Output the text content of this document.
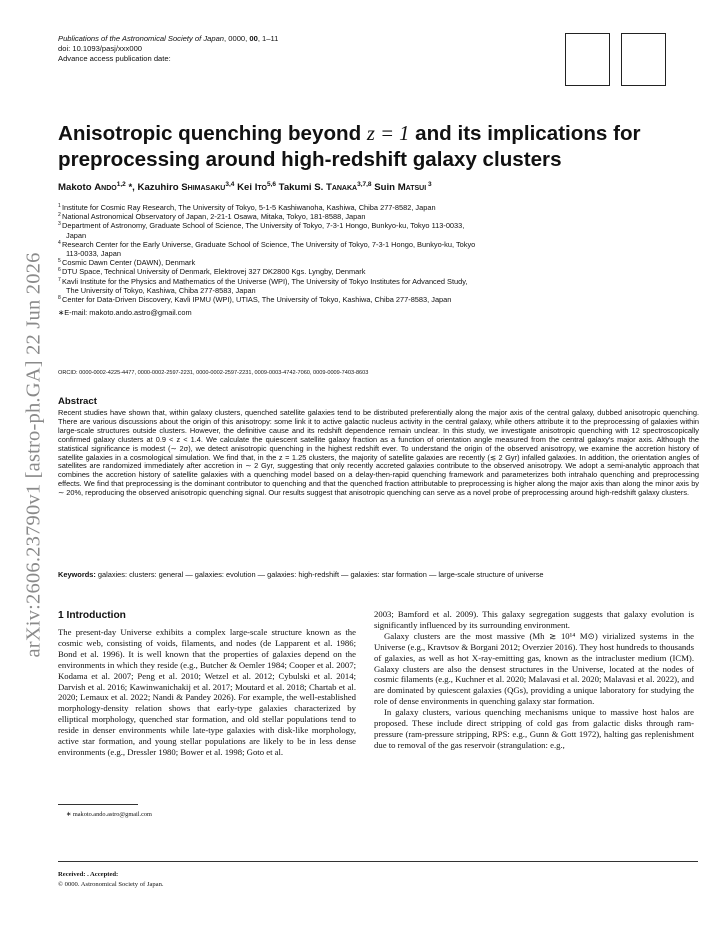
Publications of the Astronomical Society of Japan, 0000, 00, 1–11
doi: 10.1093/pasj/xxx000
Advance access publication date:
arXiv:2606.23790v1 [astro-ph.GA] 22 Jun 2026
Anisotropic quenching beyond z = 1 and its implications for preprocessing around high-redshift galaxy clusters
Makoto Ando$^{1,2}$ *, Kazuhiro Shimasaku$^{3,4}$ Kei Ito$^{5,6}$ Takumi S. Tanaka$^{3,7,8}$ Suin Matsui $^3$
1 Institute for Cosmic Ray Research, The University of Tokyo, 5-1-5 Kashiwanoha, Kashiwa, Chiba 277-8582, Japan
2 National Astronomical Observatory of Japan, 2-21-1 Osawa, Mitaka, Tokyo, 181-8588, Japan
3 Department of Astronomy, Graduate School of Science, The University of Tokyo, 7-3-1 Hongo, Bunkyo-ku, Tokyo 113-0033,
Japan
4 Research Center for the Early Universe, Graduate School of Science, The University of Tokyo, 7-3-1 Hongo, Bunkyo-ku, Tokyo
113-0033, Japan
5 Cosmic Dawn Center (DAWN), Denmark
6 DTU Space, Technical University of Denmark, Elektrovej 327 DK2800 Kgs. Lyngby, Denmark
7 Kavli Institute for the Physics and Mathematics of the Universe (WPI), The University of Tokyo Institutes for Advanced Study,
The University of Tokyo, Kashiwa, Chiba 277-8583, Japan
8 Center for Data-Driven Discovery, Kavli IPMU (WPI), UTIAS, The University of Tokyo, Kashiwa, Chiba 277-8583, Japan
∗E-mail: makoto.ando.astro@gmail.com
ORCID: 0000-0002-4225-4477, 0000-0002-2597-2231, 0000-0002-2597-2231, 0009-0003-4742-7060, 0009-0009-7403-8603
Abstract
Recent studies have shown that, within galaxy clusters, quenched satellite galaxies tend to be distributed preferentially along the major axis of the central galaxy, dubbed anisotropic quenching. There are various discussions about the origin of this anisotropy: some link it to active galactic nucleus activity in the central galaxy, while others attribute it to the preprocessing of galaxies within large-scale structures outside clusters. However, the definitive cause and its redshift dependence remain unclear. In this study, we investigate anisotropic quenching with 12 spectroscopically confirmed galaxy clusters at 0.9 < z < 1.4. We calculate the quiescent satellite galaxy fraction as a function of orientation angle measured from the central galaxy's major axis. Although the statistical significance is modest (∼ 2σ), we detect anisotropic quenching in the highest redshift ever. To understand the origin of the observed anisotropy, we examine the accretion history of satellite galaxies in a cosmological simulation. We find that, in the z = 1.25 clusters, the majority of satellite galaxies are recently (≲ 2 Gyr) infalled galaxies. In addition, the orientation angles of satellites are randomized immediately after accretion in ∼ 2 Gyr, suggesting that only recently accreted galaxies contribute to the observed anisotropy. We adopt a semi-analytic approach that combines the accretion history of satellite galaxies with a quenching model based on a delay-then-rapid quenching framework and parameterizes both intrahalo quenching and preprocessing effects. We find that preprocessing is the dominant contributor to quenching and that the quenched fraction attributable to preprocessing is higher along the major axis than along the minor axis by ∼ 20%, reproducing the observed anisotropic quenching signal. Our results suggest that anisotropic quenching can serve as a novel probe of preprocessing around high-redshift galaxy clusters.
Keywords: galaxies: clusters: general — galaxies: evolution — galaxies: high-redshift — galaxies: star formation — large-scale structure of universe
1 Introduction

The present-day Universe exhibits a complex large-scale structure known as the cosmic web, consisting of voids, filaments, and nodes (de Lapparent et al. 1986; Bond et al. 1996). It is well known that the properties of galaxies depend on the environments in which they reside (e.g., Butcher & Oemler 1984; Cooper et al. 2007; Kodama et al. 2007; Peng et al. 2010; Wetzel et al. 2012; Cybulski et al. 2014; Darvish et al. 2016; Kawinwanichakij et al. 2017; Moutard et al. 2018; Chartab et al. 2020; Lemaux et al. 2022; Nandi & Pandey 2026). For example, the well-established morphology-density relation shows that early-type galaxies characterized by elliptical morphology, quenched star formation, and old stellar populations tend to reside in denser environments while late-type galaxies with disk-like morphology, active star formation, and young stellar populations are likely to be in less dense environments (e.g., Dressler 1980; Bower et al. 1998; Goto et al.

2003; Bamford et al. 2009). This galaxy segregation suggests that galaxy evolution is significantly influenced by its surrounding environment.

Galaxy clusters are the most massive (Mh ≳ 10¹⁴ M⊙) virialized systems in the Universe (e.g., Kravtsov & Borgani 2012; Overzier 2016). They host hundreds to thousands of galaxies, as well as hot X-ray-emitting gas, known as the intracluster medium (ICM). Galaxy clusters are also the densest structures in the Universe, located at the nodes of cosmic filaments (e.g., Kuchner et al. 2020; Malavasi et al. 2020; Malavasi et al. 2022), and are dominated by quiescent galaxies (QGs), providing a unique laboratory for studying the role of dense environments in quenching galaxy star formation.

In galaxy clusters, various quenching mechanisms unique to massive host halos are proposed. These include direct stripping of cold gas from galactic disks through ram-pressure (ram-pressure stripping, RPS: e.g., Gunn & Gott 1972), halting gas replenishment due to removal of the gas reservoir (strangulation: e.g.,

∗ makoto.ando.astro@gmail.com
Received: . Accepted:
© 0000. Astronomical Society of Japan.
